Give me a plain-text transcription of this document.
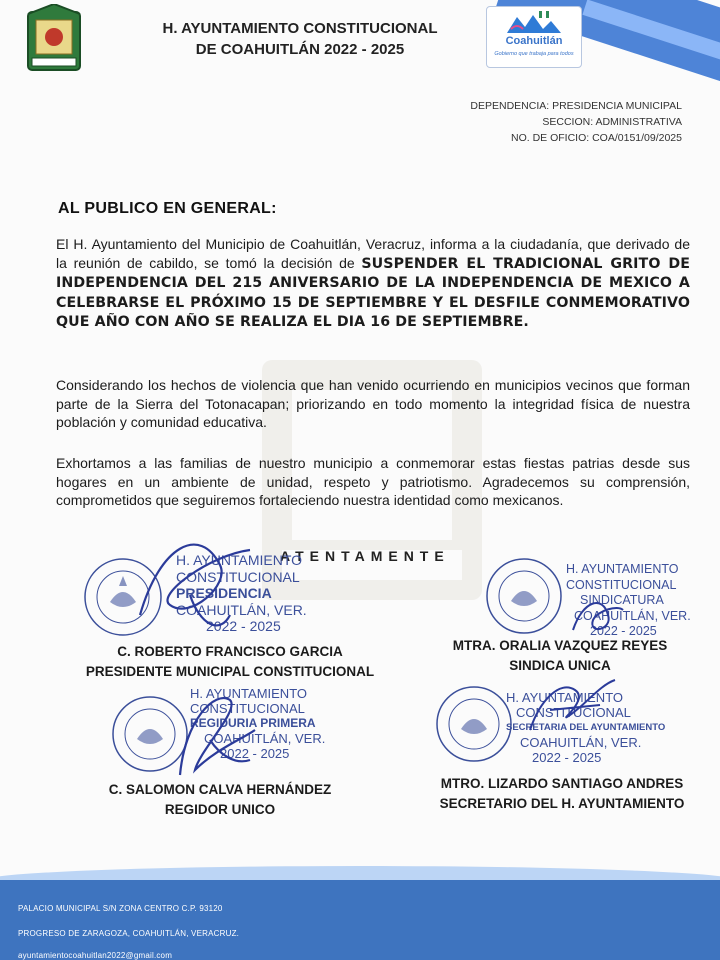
H. AYUNTAMIENTO CONSTITUCIONAL
DE COAHUITLÁN 2022 - 2025	Coahuitlán
Gobierno que trabaja para todos
DEPENDENCIA: PRESIDENCIA MUNICIPAL
SECCION: ADMINISTRATIVA
NO. DE OFICIO: COA/0151/09/2025
AL PUBLICO EN GENERAL:
El H. Ayuntamiento del Municipio de Coahuitlán, Veracruz, informa a la ciudadanía, que derivado de la reunión de cabildo, se tomó la decisión de SUSPENDER EL TRADICIONAL GRITO DE INDEPENDENCIA DEL 215 ANIVERSARIO DE LA INDEPENDENCIA DE MEXICO A CELEBRARSE EL PRÓXIMO 15 DE SEPTIEMBRE Y EL DESFILE CONMEMORATIVO QUE AÑO CON AÑO SE REALIZA EL DIA 16 DE SEPTIEMBRE.
Considerando los hechos de violencia que han venido ocurriendo en municipios vecinos que forman parte de la Sierra del Totonacapan; priorizando en todo momento la integridad física de nuestra población y comunidad educativa.
Exhortamos a las familias de nuestro municipio a conmemorar estas fiestas patrias desde sus hogares en un ambiente de unidad, respeto y patriotismo. Agradecemos su comprensión, comprometidos que seguiremos fortaleciendo nuestra identidad como mexicanos.
ATENTAMENTE
H. AYUNTAMIENTO
CONSTITUCIONAL
PRESIDENCIA
COAHUITLÁN, VER.
2022 - 2025
C. ROBERTO FRANCISCO GARCIA
PRESIDENTE MUNICIPAL CONSTITUCIONAL
H. AYUNTAMIENTO
CONSTITUCIONAL
SINDICATURA
COAHUITLÁN, VER.
2022 - 2025
MTRA. ORALIA VAZQUEZ REYES
SINDICA UNICA
H. AYUNTAMIENTO
CONSTITUCIONAL
REGIDURIA PRIMERA
COAHUITLÁN, VER.
2022 - 2025
C. SALOMON CALVA HERNÁNDEZ
REGIDOR UNICO
H. AYUNTAMIENTO
CONSTITUCIONAL
SECRETARIA DEL AYUNTAMIENTO
COAHUITLÁN, VER.
2022 - 2025
MTRO. LIZARDO SANTIAGO ANDRES
SECRETARIO DEL H. AYUNTAMIENTO
PALACIO MUNICIPAL S/N ZONA CENTRO C.P. 93120
PROGRESO DE ZARAGOZA, COAHUITLÁN, VERACRUZ.
ayuntamientocoahuitlan2022@gmail.com
